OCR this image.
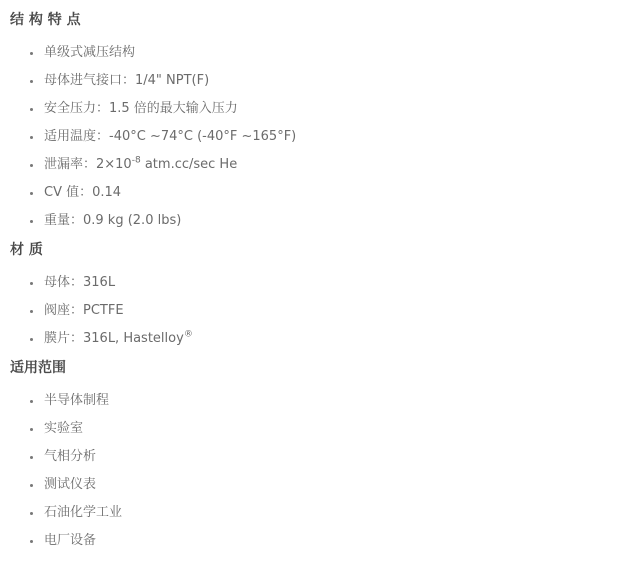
结 构 特 点
单级式减压结构
母体进气接口：1/4" NPT(F)
安全压力：1.5 倍的最大输入压力
适用温度：-40°C ~74°C (-40°F ~165°F)
泄漏率：$2\times 10^{-8}$ atm.cc/sec He
CV 值：0.14
重量：0.9 kg (2.0 lbs)
材 质
母体：316L
阀座：PCTFE
膜片：316L, Hastelloy®
适用范围
半导体制程
实验室
气相分析
测试仪表
石油化学工业
电厂设备
